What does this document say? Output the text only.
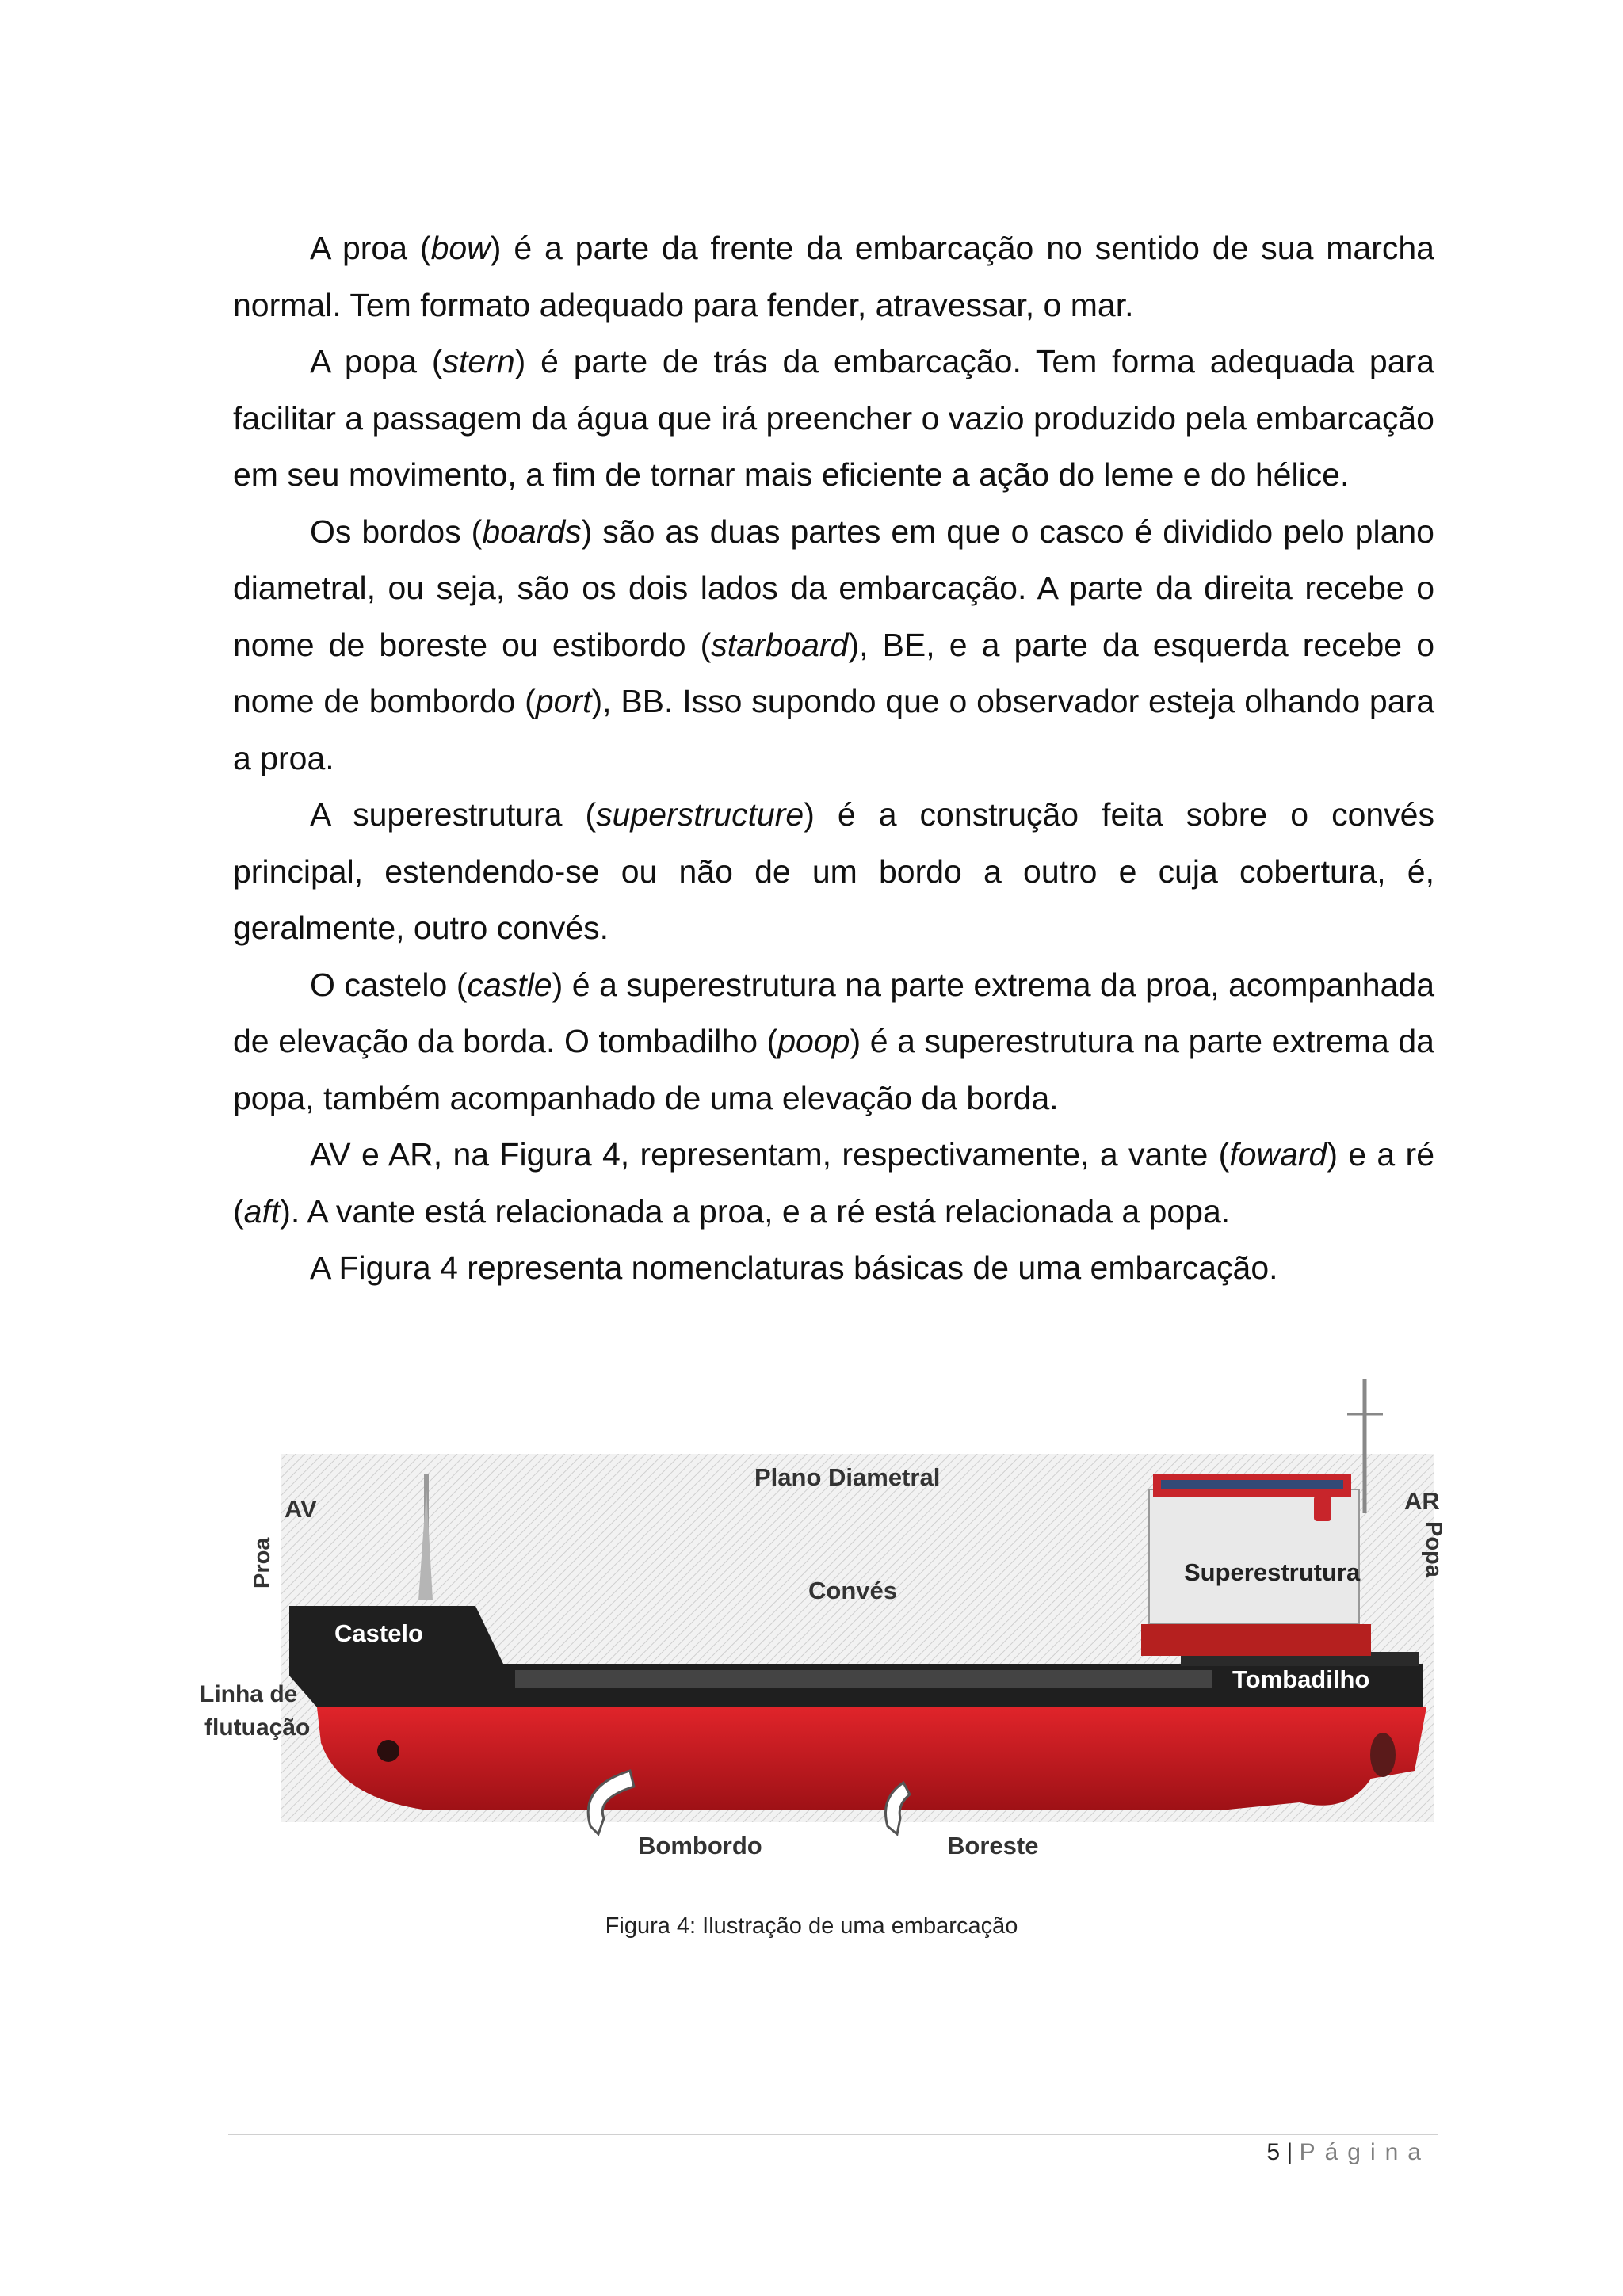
A proa (bow) é a parte da frente da embarcação no sentido de sua marcha normal. Tem formato adequado para fender, atravessar, o mar.

A popa (stern) é parte de trás da embarcação. Tem forma adequada para facilitar a passagem da água que irá preencher o vazio produzido pela embarcação em seu movimento, a fim de tornar mais eficiente a ação do leme e do hélice.

Os bordos (boards) são as duas partes em que o casco é dividido pelo plano diametral, ou seja, são os dois lados da embarcação. A parte da direita recebe o nome de boreste ou estibordo (starboard), BE, e a parte da esquerda recebe o nome de bombordo (port), BB. Isso supondo que o observador esteja olhando para a proa.

A superestrutura (superstructure) é a construção feita sobre o convés principal, estendendo-se ou não de um bordo a outro e cuja cobertura, é, geralmente, outro convés.

O castelo (castle) é a superestrutura na parte extrema da proa, acompanhada de elevação da borda. O tombadilho (poop) é a superestrutura na parte extrema da popa, também acompanhado de uma elevação da borda.

AV e AR, na Figura 4, representam, respectivamente, a vante (foward) e a ré (aft). A vante está relacionada a proa, e a ré está relacionada a popa.

A Figura 4 representa nomenclaturas básicas de uma embarcação.

Plano Diametral
AV	AR
Proa	Popa
Convés
Superestrutura
Castelo
Tombadilho
Linha de
flutuação
Bombordo	Boreste
Figura 4: Ilustração de uma embarcação
5 | Página
